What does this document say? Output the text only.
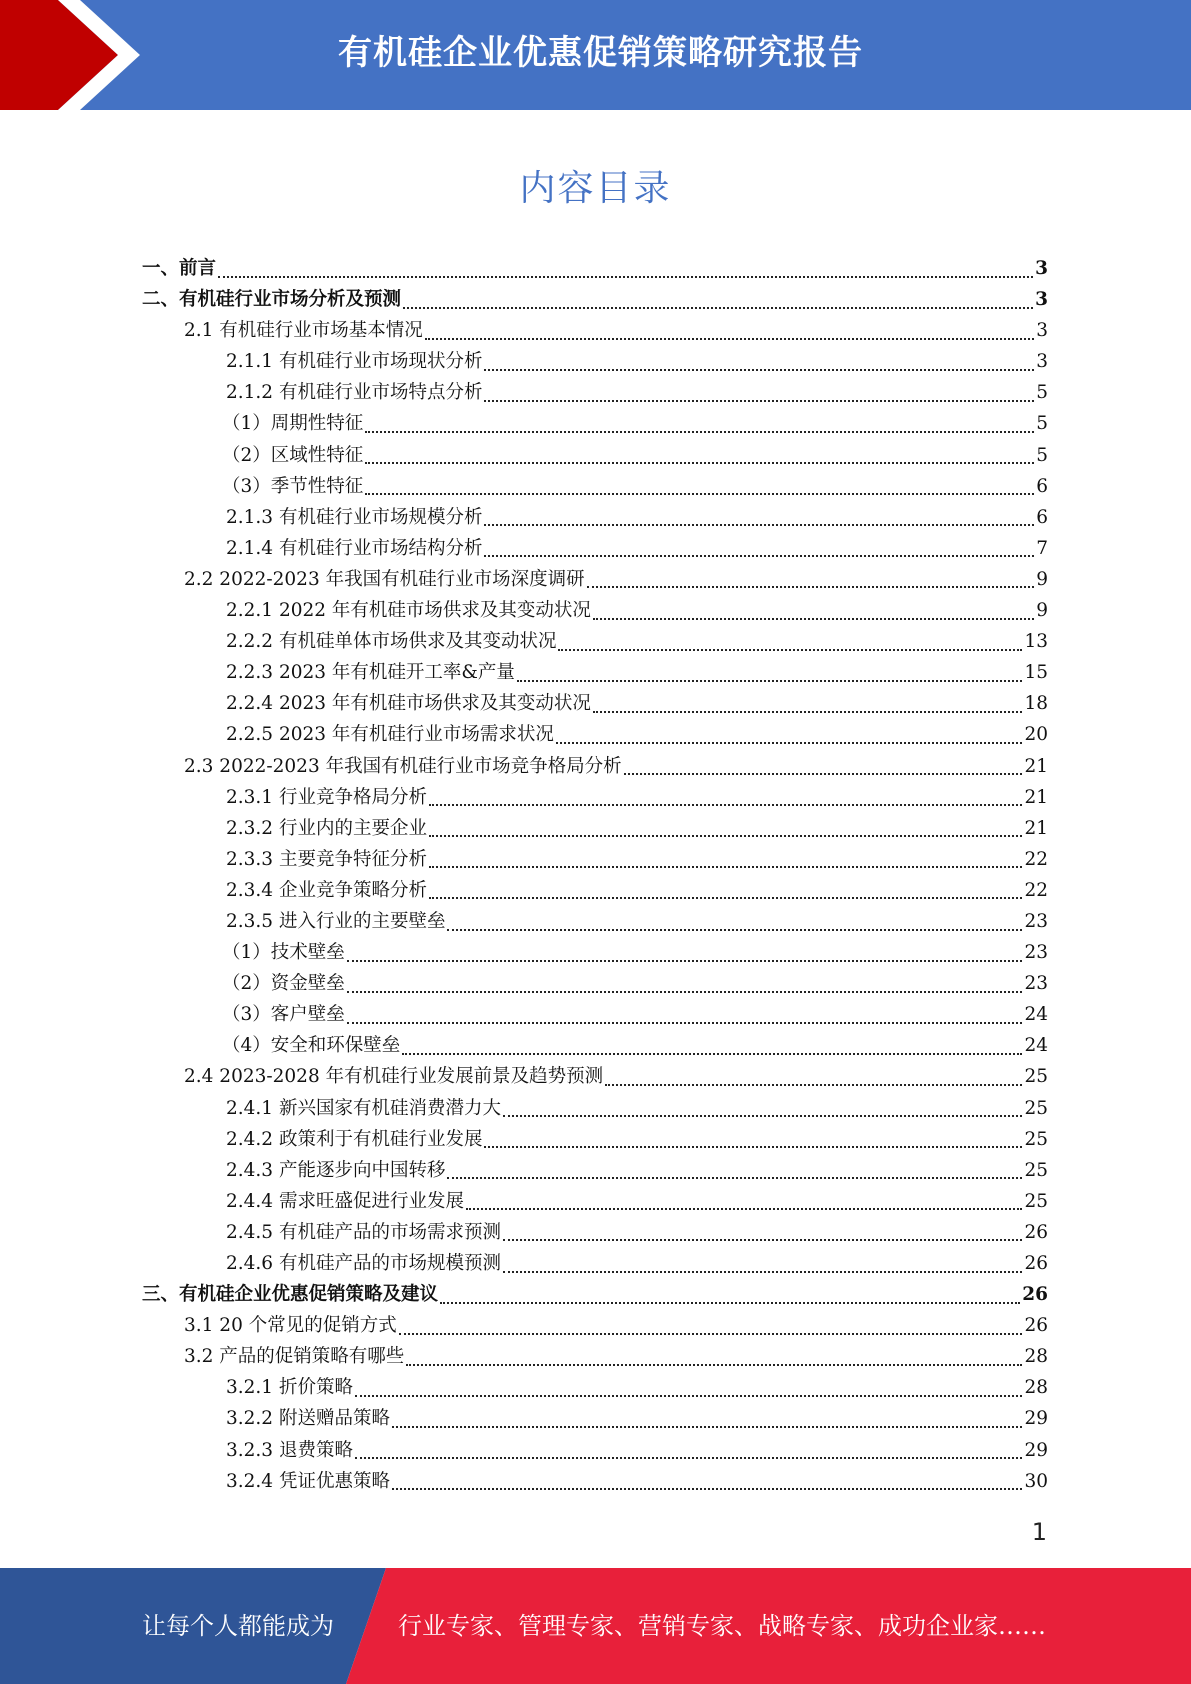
有机硅企业优惠促销策略研究报告
内容目录
一、前言	3
二、有机硅行业市场分析及预测	3
2.1 有机硅行业市场基本情况	3
2.1.1 有机硅行业市场现状分析	3
2.1.2 有机硅行业市场特点分析	5
（1）周期性特征	5
（2）区域性特征	5
（3）季节性特征	6
2.1.3 有机硅行业市场规模分析	6
2.1.4 有机硅行业市场结构分析	7
2.2 2022-2023 年我国有机硅行业市场深度调研	9
2.2.1 2022 年有机硅市场供求及其变动状况	9
2.2.2 有机硅单体市场供求及其变动状况	13
2.2.3 2023 年有机硅开工率&产量	15
2.2.4 2023 年有机硅市场供求及其变动状况	18
2.2.5 2023 年有机硅行业市场需求状况	20
2.3 2022-2023 年我国有机硅行业市场竞争格局分析	21
2.3.1 行业竞争格局分析	21
2.3.2 行业内的主要企业	21
2.3.3 主要竞争特征分析	22
2.3.4 企业竞争策略分析	22
2.3.5 进入行业的主要壁垒	23
（1）技术壁垒	23
（2）资金壁垒	23
（3）客户壁垒	24
（4）安全和环保壁垒	24
2.4 2023-2028 年有机硅行业发展前景及趋势预测	25
2.4.1 新兴国家有机硅消费潜力大	25
2.4.2 政策利于有机硅行业发展	25
2.4.3 产能逐步向中国转移	25
2.4.4 需求旺盛促进行业发展	25
2.4.5 有机硅产品的市场需求预测	26
2.4.6 有机硅产品的市场规模预测	26
三、有机硅企业优惠促销策略及建议	26
3.1 20 个常见的促销方式	26
3.2 产品的促销策略有哪些	28
3.2.1 折价策略	28
3.2.2 附送赠品策略	29
3.2.3 退费策略	29
3.2.4 凭证优惠策略	30
1
让每个人都能成为	行业专家、管理专家、营销专家、战略专家、成功企业家……
